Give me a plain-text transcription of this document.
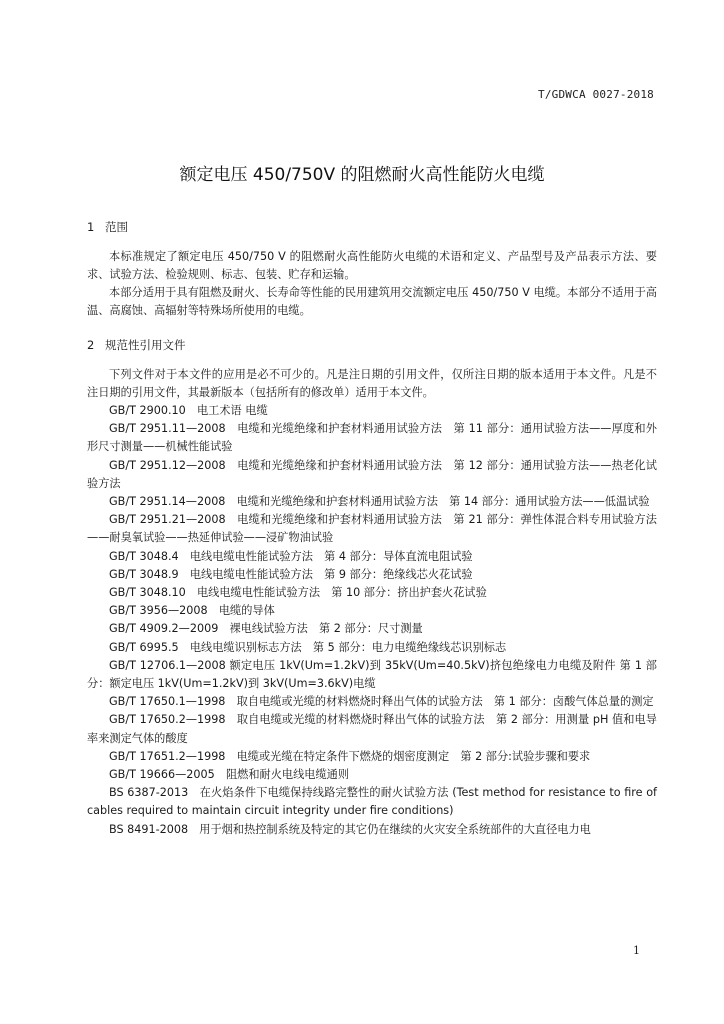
T/GDWCA 0027-2018
额定电压 450/750V 的阻燃耐火高性能防火电缆
1 范围

本标准规定了额定电压 450/750 V 的阻燃耐火高性能防火电缆的术语和定义、产品型号及产品表示方法、要求、试验方法、检验规则、标志、包装、贮存和运输。

本部分适用于具有阻燃及耐火、长寿命等性能的民用建筑用交流额定电压 450/750 V 电缆。本部分不适用于高温、高腐蚀、高辐射等特殊场所使用的电缆。

2 规范性引用文件

下列文件对于本文件的应用是必不可少的。凡是注日期的引用文件，仅所注日期的版本适用于本文件。凡是不注日期的引用文件，其最新版本（包括所有的修改单）适用于本文件。

GB/T 2900.10　电工术语 电缆

GB/T 2951.11—2008　电缆和光缆绝缘和护套材料通用试验方法　第 11 部分：通用试验方法——厚度和外形尺寸测量——机械性能试验

GB/T 2951.12—2008　电缆和光缆绝缘和护套材料通用试验方法　第 12 部分：通用试验方法——热老化试验方法

GB/T 2951.14—2008　电缆和光缆绝缘和护套材料通用试验方法　第 14 部分：通用试验方法——低温试验

GB/T 2951.21—2008　电缆和光缆绝缘和护套材料通用试验方法　第 21 部分：弹性体混合料专用试验方法——耐臭氧试验——热延伸试验——浸矿物油试验

GB/T 3048.4　电线电缆电性能试验方法　第 4 部分：导体直流电阻试验

GB/T 3048.9　电线电缆电性能试验方法　第 9 部分：绝缘线芯火花试验

GB/T 3048.10　电线电缆电性能试验方法　第 10 部分：挤出护套火花试验

GB/T 3956—2008　电缆的导体

GB/T 4909.2—2009　裸电线试验方法　第 2 部分：尺寸测量

GB/T 6995.5　电线电缆识别标志方法　第 5 部分：电力电缆绝缘线芯识别标志

GB/T 12706.1—2008 额定电压 1kV(Um=1.2kV)到 35kV(Um=40.5kV)挤包绝缘电力电缆及附件 第 1 部分：额定电压 1kV(Um=1.2kV)到 3kV(Um=3.6kV)电缆

GB/T 17650.1—1998　取自电缆或光缆的材料燃烧时释出气体的试验方法　第 1 部分：卤酸气体总量的测定

GB/T 17650.2—1998　取自电缆或光缆的材料燃烧时释出气体的试验方法　第 2 部分：用测量 pH 值和电导率来测定气体的酸度

GB/T 17651.2—1998　电缆或光缆在特定条件下燃烧的烟密度测定　第 2 部分:试验步骤和要求

GB/T 19666—2005　阻燃和耐火电线电缆通则

BS 6387-2013　在火焰条件下电缆保持线路完整性的耐火试验方法 (Test method for resistance to fire of cables required to maintain circuit integrity under fire conditions)

BS 8491-2008　用于烟和热控制系统及特定的其它仍在继续的火灾安全系统部件的大直径电力电

1
